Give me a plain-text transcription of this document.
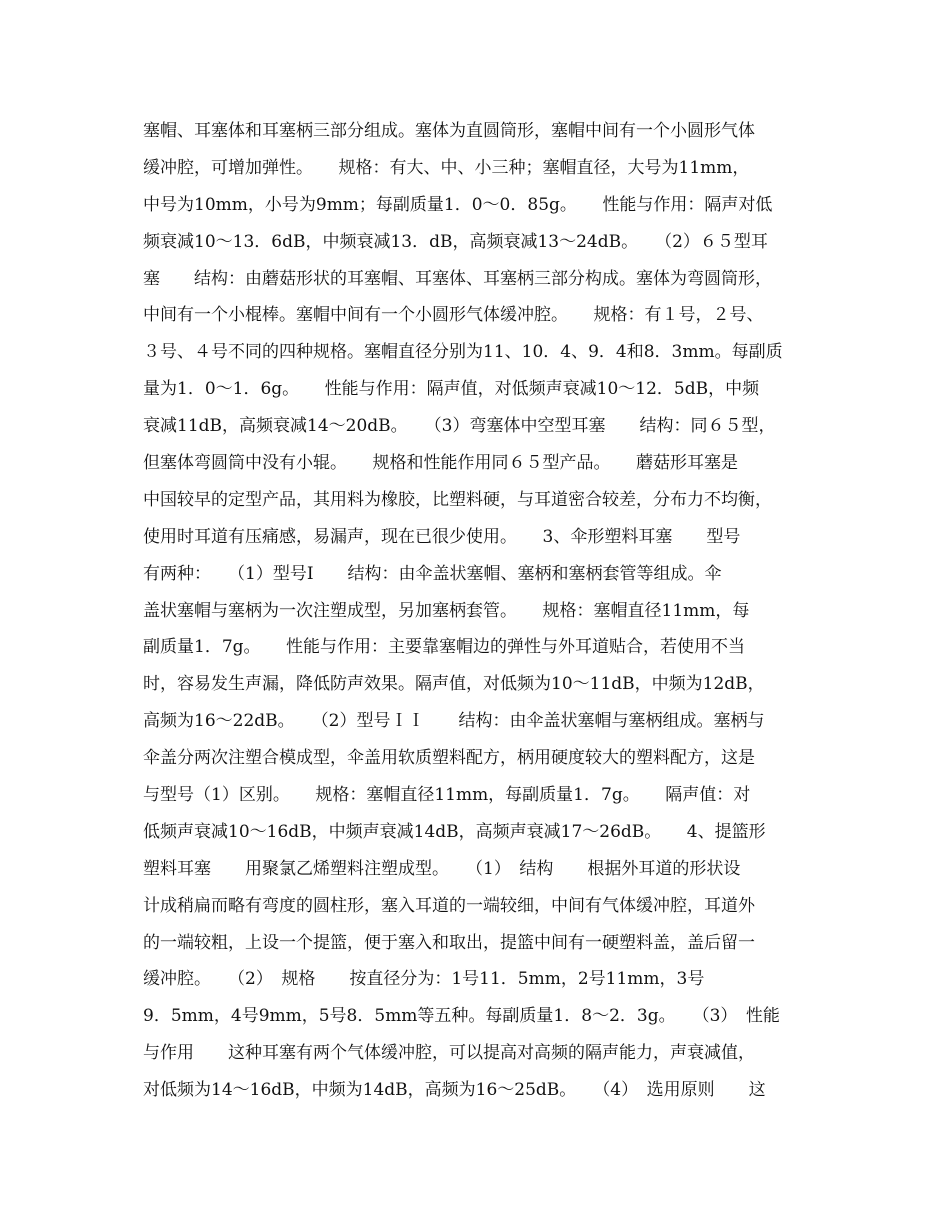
塞帽、耳塞体和耳塞柄三部分组成。塞体为直圆筒形，塞帽中间有一个小圆形气体
缓冲腔，可增加弹性。　　规格：有大、中、小三种；塞帽直径，大号为11mm，
中号为10mm，小号为9mm；每副质量1．0～0．85g。　　性能与作用：隔声对低
频衰减10～13．6dB，中频衰减13．dB，高频衰减13～24dB。　　（2）６５型耳
塞　　结构：由蘑菇形状的耳塞帽、耳塞体、耳塞柄三部分构成。塞体为弯圆筒形，
中间有一个小棍棒。塞帽中间有一个小圆形气体缓冲腔。　　规格：有１号，２号、
３号、４号不同的四种规格。塞帽直径分别为11、10．4、9．4和8．3mm。每副质
量为1．0～1．6g。　　性能与作用：隔声值，对低频声衰减10～12．5dB，中频
衰减11dB，高频衰减14～20dB。　　（3）弯塞体中空型耳塞　　结构：同６５型，
但塞体弯圆筒中没有小辊。　　规格和性能作用同６５型产品。　　蘑菇形耳塞是
中国较早的定型产品，其用料为橡胶，比塑料硬，与耳道密合较差，分布力不均衡，
使用时耳道有压痛感，易漏声，现在已很少使用。　　3、伞形塑料耳塞　　型号
有两种：　　（1）型号Ⅰ　　结构：由伞盖状塞帽、塞柄和塞柄套管等组成。伞
盖状塞帽与塞柄为一次注塑成型，另加塞柄套管。　　规格：塞帽直径11mm，每
副质量1．7g。　　性能与作用：主要靠塞帽边的弹性与外耳道贴合，若使用不当
时，容易发生声漏，降低防声效果。隔声值，对低频为10～11dB，中频为12dB，
高频为16～22dB。　　（2）型号ＩＩ　　结构：由伞盖状塞帽与塞柄组成。塞柄与
伞盖分两次注塑合模成型，伞盖用软质塑料配方，柄用硬度较大的塑料配方，这是
与型号（1）区别。　　规格：塞帽直径11mm，每副质量1．7g。　　隔声值：对
低频声衰减10～16dB，中频声衰减14dB，高频声衰减17～26dB。　　4、提篮形
塑料耳塞　　用聚氯乙烯塑料注塑成型。　　（1）　结构　　根据外耳道的形状设
计成稍扁而略有弯度的圆柱形，塞入耳道的一端较细，中间有气体缓冲腔，耳道外
的一端较粗，上设一个提篮，便于塞入和取出，提篮中间有一硬塑料盖，盖后留一
缓冲腔。　　（2）　规格　　按直径分为：1号11．5mm，2号11mm，3号
9．5mm，4号9mm，5号8．5mm等五种。每副质量1．8～2．3g。　　（3）　性能
与作用　　这种耳塞有两个气体缓冲腔，可以提高对高频的隔声能力，声衰减值，
对低频为14～16dB，中频为14dB，高频为16～25dB。　　（4）　选用原则　　这
